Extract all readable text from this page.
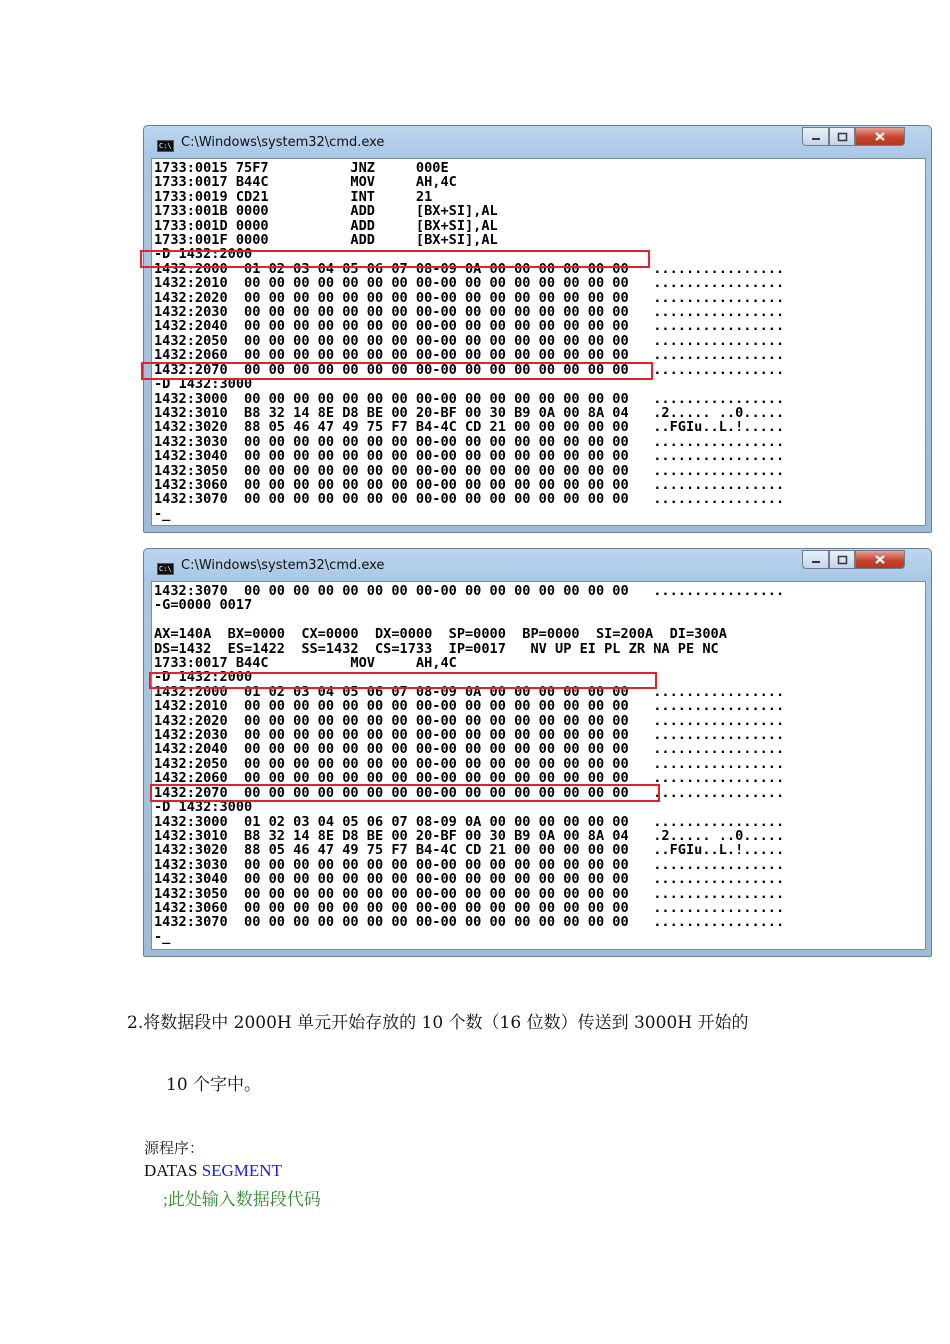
C:\ C:\Windows\system32\cmd.exe
1733:0015 75F7          JNZ     000E
1733:0017 B44C          MOV     AH,4C
1733:0019 CD21          INT     21
1733:001B 0000          ADD     [BX+SI],AL
1733:001D 0000          ADD     [BX+SI],AL
1733:001F 0000          ADD     [BX+SI],AL
-D 1432:2000
1432:2000  01 02 03 04 05 06 07 08-09 0A 00 00 00 00 00 00   ................
1432:2010  00 00 00 00 00 00 00 00-00 00 00 00 00 00 00 00   ................
1432:2020  00 00 00 00 00 00 00 00-00 00 00 00 00 00 00 00   ................
1432:2030  00 00 00 00 00 00 00 00-00 00 00 00 00 00 00 00   ................
1432:2040  00 00 00 00 00 00 00 00-00 00 00 00 00 00 00 00   ................
1432:2050  00 00 00 00 00 00 00 00-00 00 00 00 00 00 00 00   ................
1432:2060  00 00 00 00 00 00 00 00-00 00 00 00 00 00 00 00   ................
1432:2070  00 00 00 00 00 00 00 00-00 00 00 00 00 00 00 00   ................
-D 1432:3000
1432:3000  00 00 00 00 00 00 00 00-00 00 00 00 00 00 00 00   ................
1432:3010  B8 32 14 8E D8 BE 00 20-BF 00 30 B9 0A 00 8A 04   .2..... ..0.....
1432:3020  88 05 46 47 49 75 F7 B4-4C CD 21 00 00 00 00 00   ..FGIu..L.!.....
1432:3030  00 00 00 00 00 00 00 00-00 00 00 00 00 00 00 00   ................
1432:3040  00 00 00 00 00 00 00 00-00 00 00 00 00 00 00 00   ................
1432:3050  00 00 00 00 00 00 00 00-00 00 00 00 00 00 00 00   ................
1432:3060  00 00 00 00 00 00 00 00-00 00 00 00 00 00 00 00   ................
1432:3070  00 00 00 00 00 00 00 00-00 00 00 00 00 00 00 00   ................
-_
C:\ C:\Windows\system32\cmd.exe
1432:3070  00 00 00 00 00 00 00 00-00 00 00 00 00 00 00 00   ................
-G=0000 0017

AX=140A  BX=0000  CX=0000  DX=0000  SP=0000  BP=0000  SI=200A  DI=300A
DS=1432  ES=1422  SS=1432  CS=1733  IP=0017   NV UP EI PL ZR NA PE NC
1733:0017 B44C          MOV     AH,4C
-D 1432:2000
1432:2000  01 02 03 04 05 06 07 08-09 0A 00 00 00 00 00 00   ................
1432:2010  00 00 00 00 00 00 00 00-00 00 00 00 00 00 00 00   ................
1432:2020  00 00 00 00 00 00 00 00-00 00 00 00 00 00 00 00   ................
1432:2030  00 00 00 00 00 00 00 00-00 00 00 00 00 00 00 00   ................
1432:2040  00 00 00 00 00 00 00 00-00 00 00 00 00 00 00 00   ................
1432:2050  00 00 00 00 00 00 00 00-00 00 00 00 00 00 00 00   ................
1432:2060  00 00 00 00 00 00 00 00-00 00 00 00 00 00 00 00   ................
1432:2070  00 00 00 00 00 00 00 00-00 00 00 00 00 00 00 00   ................
-D 1432:3000
1432:3000  01 02 03 04 05 06 07 08-09 0A 00 00 00 00 00 00   ................
1432:3010  B8 32 14 8E D8 BE 00 20-BF 00 30 B9 0A 00 8A 04   .2..... ..0.....
1432:3020  88 05 46 47 49 75 F7 B4-4C CD 21 00 00 00 00 00   ..FGIu..L.!.....
1432:3030  00 00 00 00 00 00 00 00-00 00 00 00 00 00 00 00   ................
1432:3040  00 00 00 00 00 00 00 00-00 00 00 00 00 00 00 00   ................
1432:3050  00 00 00 00 00 00 00 00-00 00 00 00 00 00 00 00   ................
1432:3060  00 00 00 00 00 00 00 00-00 00 00 00 00 00 00 00   ................
1432:3070  00 00 00 00 00 00 00 00-00 00 00 00 00 00 00 00   ................
-_
2.将数据段中 2000H 单元开始存放的 10 个数（16 位数）传送到 3000H 开始的
10 个字中。
源程序：
DATAS SEGMENT
;此处输入数据段代码
